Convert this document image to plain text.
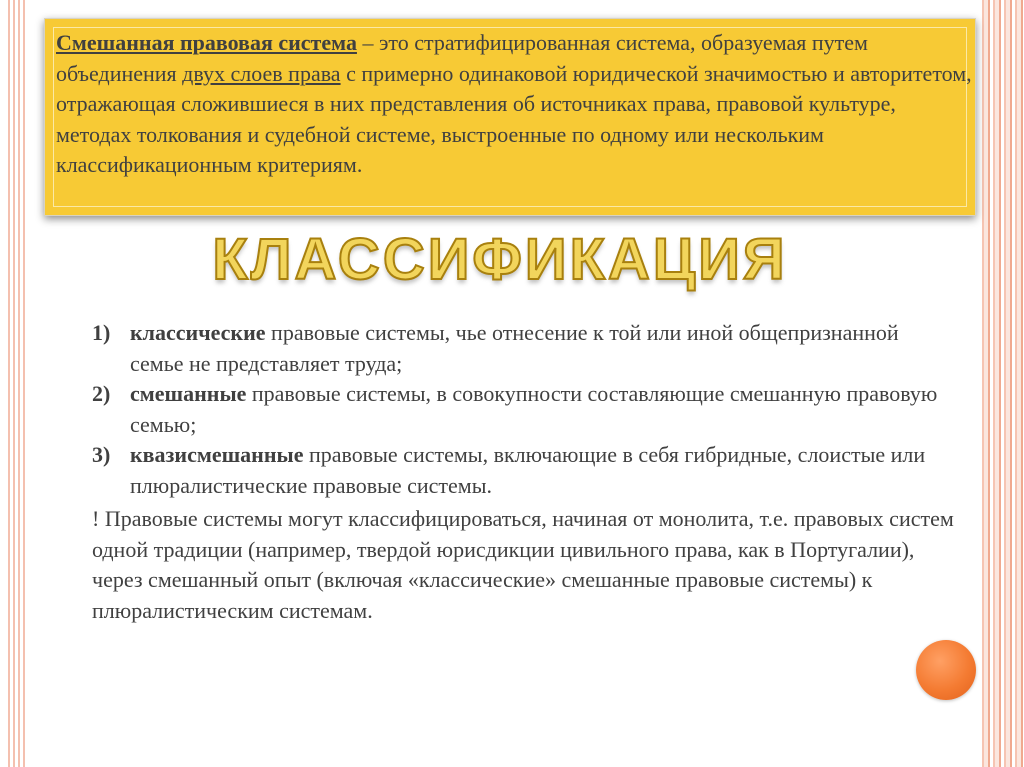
Смешанная правовая система – это стратифицированная система, образуемая путем объединения двух слоев права с примерно одинаковой юридической значимостью и авторитетом, отражающая сложившиеся в них представления об источниках права, правовой культуре, методах толкования и судебной системе, выстроенные по одному или нескольким классификационным критериям.

КЛАССИФИКАЦИЯ
1) классические правовые системы, чье отнесение к той или иной общепризнанной семье не представляет труда;
2) смешанные правовые системы, в совокупности составляющие смешанную правовую семью;
3) квазисмешанные правовые системы, включающие в себя гибридные, слоистые или плюралистические правовые системы.

! Правовые системы могут классифицироваться, начиная от монолита, т.е. правовых систем одной традиции (например, твердой юрисдикции цивильного права, как в Португалии), через смешанный опыт (включая «классические» смешанные правовые системы) к плюралистическим системам.
